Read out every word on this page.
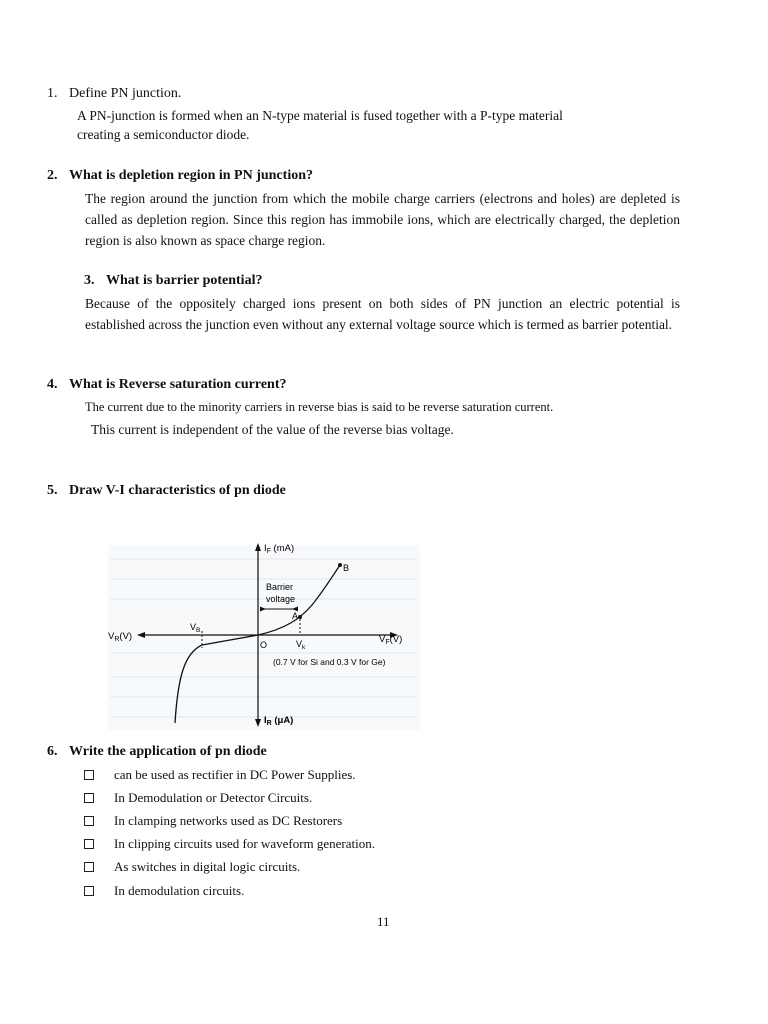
1. Define PN junction.
A PN-junction is formed when an N-type material is fused together with a P-type material
creating a semiconductor diode.
2. What is depletion region in PN junction?
The region around the junction from which the mobile charge carriers (electrons and holes) are depleted is called as depletion region. Since this region has immobile ions, which are electrically charged, the depletion region is also known as space charge region.
3. What is barrier potential?
Because of the oppositely charged ions present on both sides of PN junction an electric potential is established across the junction even without any external voltage source which is termed as barrier potential.
4. What is Reverse saturation current?
The current due to the minority carriers in reverse bias is said to be reverse saturation current.
This current is independent of the value of the reverse bias voltage.
5. Draw V-I characteristics of pn diode
$I_F$ (mA)
$I_R$ (μA)
$V_R(V)$	$V_F(V)$
$V_B$
$V_k$
O
A
B
Barrier
voltage
(0.7 V for Si and 0.3 V for Ge)
6. Write the application of pn diode
can be used as rectifier in DC Power Supplies.
In Demodulation or Detector Circuits.
In clamping networks used as DC Restorers
In clipping circuits used for waveform generation.
As switches in digital logic circuits.
In demodulation circuits.
11
